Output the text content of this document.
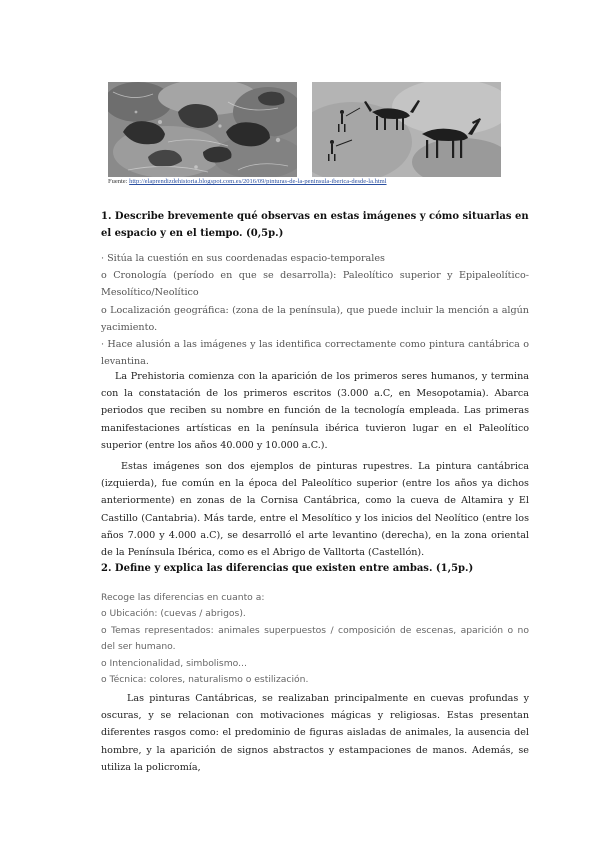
Fuente: http://elaprendizdehistoria.blogspot.com.es/2016/09/pinturas-de-la-peninsula-iberica-desde-la.html
1. Describe brevemente qué observas en estas imágenes y cómo situarlas en el espacio y en el tiempo. (0,5p.)

· Sitúa la cuestión en sus coordenadas espacio-temporales

o Cronología (período en que se desarrolla): Paleolítico superior y Epipaleolítico-Mesolítico/Neolítico

o Localización geográfica: (zona de la península), que puede incluir la mención a algún yacimiento.

· Hace alusión a las imágenes y las identifica correctamente como pintura cantábrica o levantina.

La Prehistoria comienza con la aparición de los primeros seres humanos, y termina con la constatación de los primeros escritos (3.000 a.C, en Mesopotamia). Abarca periodos que reciben su nombre en función de la tecnología empleada. Las primeras manifestaciones artísticas en la península ibérica tuvieron lugar en el Paleolítico superior (entre los años 40.000 y 10.000 a.C.).

Estas imágenes son dos ejemplos de pinturas rupestres. La pintura cantábrica (izquierda), fue común en la época del Paleolítico superior (entre los años ya dichos anteriormente) en zonas de la Cornisa Cantábrica, como la cueva de Altamira y El Castillo (Cantabria). Más tarde, entre el Mesolítico y los inicios del Neolítico (entre los años 7.000 y 4.000 a.C), se desarrolló el arte levantino (derecha), en la zona oriental de la Península Ibérica, como es el Abrigo de Valltorta (Castellón).

2. Define y explica las diferencias que existen entre ambas. (1,5p.)

Recoge las diferencias en cuanto a:

o Ubicación: (cuevas / abrigos).

o Temas representados: animales superpuestos / composición de escenas, aparición o no del ser humano.

o Intencionalidad, simbolismo...

o Técnica: colores, naturalismo o estilización.

Las pinturas Cantábricas, se realizaban principalmente en cuevas profundas y oscuras, y se relacionan con motivaciones mágicas y religiosas. Estas presentan diferentes rasgos como: el predominio de figuras aisladas de animales, la ausencia del hombre, y la aparición de signos abstractos y estampaciones de manos. Además, se utiliza la policromía,
